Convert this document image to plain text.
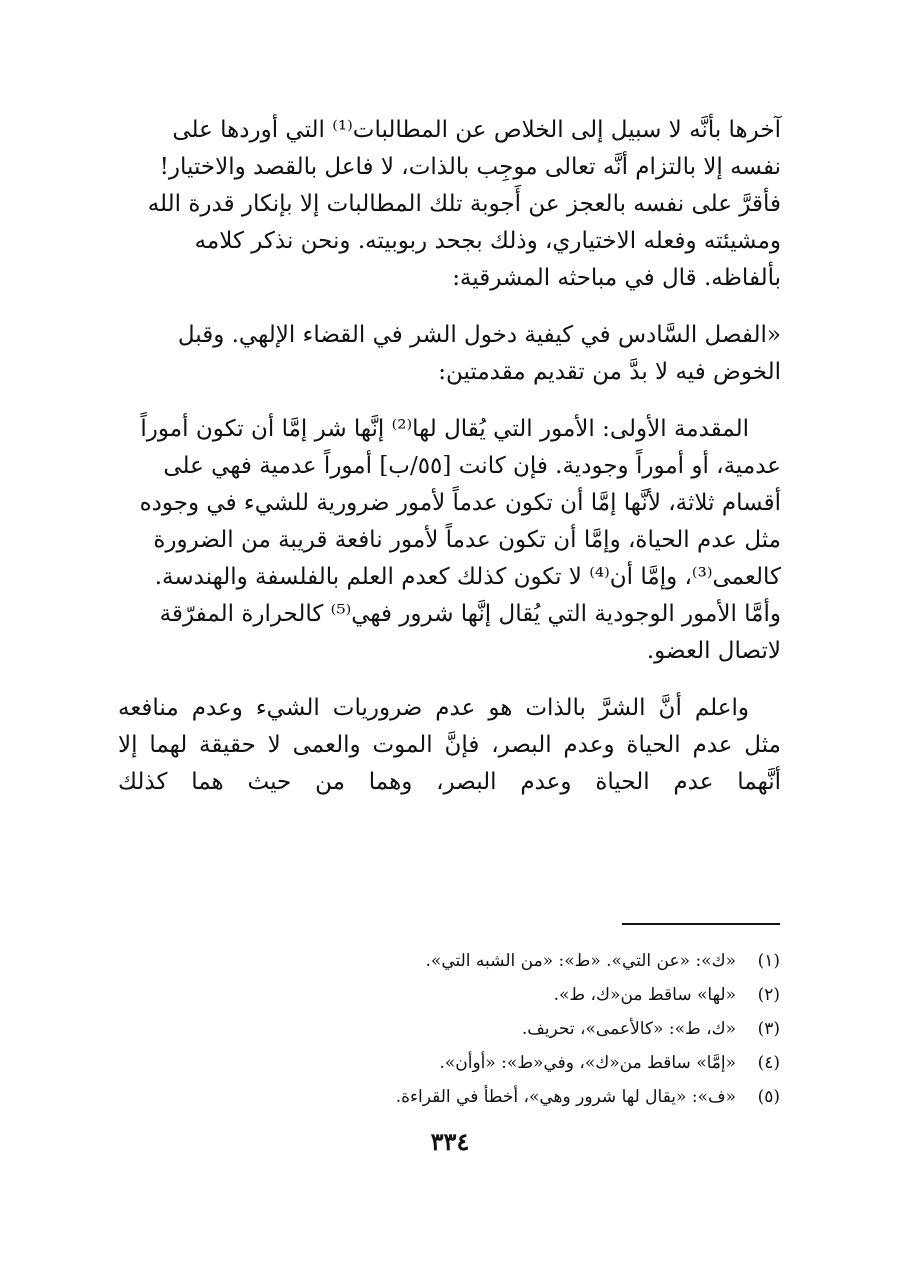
آخرها بأنَّه لا سبيل إلى الخلاص عن المطالبات⁽¹⁾ التي أوردها على
نفسه إلا بالتزام أنَّه تعالى موجِب بالذات، لا فاعل بالقصد والاختيار!
فأقرَّ على نفسه بالعجز عن أَجوبة تلك المطالبات إلا بإنكار قدرة الله
ومشيئته وفعله الاختياري، وذلك بجحد ربوبيته. ونحن نذكر كلامه
بألفاظه. قال في مباحثه المشرقية:

«الفصل السَّادس في كيفية دخول الشر في القضاء الإلهي. وقبل
الخوض فيه لا بدَّ من تقديم مقدمتين:

المقدمة الأولى: الأمور التي يُقال لها⁽²⁾ إنَّها شر إمَّا أن تكون أموراً
عدمية، أو أموراً وجودية. فإن كانت [٥٥/ب] أموراً عدمية فهي على
أقسام ثلاثة، لأنَّها إمَّا أن تكون عدماً لأمور ضرورية للشيء في وجوده
مثل عدم الحياة، وإمَّا أن تكون عدماً لأمور نافعة قريبة من الضرورة
كالعمى⁽³⁾، وإمَّا أن⁽⁴⁾ لا تكون كذلك كعدم العلم بالفلسفة والهندسة.
وأمَّا الأمور الوجودية التي يُقال إنَّها شرور فهي⁽⁵⁾ كالحرارة المفرّقة
لاتصال العضو.

واعلم أنَّ الشرَّ بالذات هو عدم ضروريات الشيء وعدم منافعه
مثل عدم الحياة وعدم البصر، فإنَّ الموت والعمى لا حقيقة لهما إلا
أنَّهما عدم الحياة وعدم البصر، وهما من حيث هما كذلك

(١)«ك»: «عن التي». «ط»: «من الشبه التي».
(٢)«لها» ساقط من«ك، ط».
(٣)«ك، ط»: «كالأعمى»، تحريف.
(٤)«إمَّا» ساقط من«ك»، وفي«ط»: «أوأن».
(٥)«ف»: «يقال لها شرور وهي»، أخطأ في القراءة.
٣٣٤
